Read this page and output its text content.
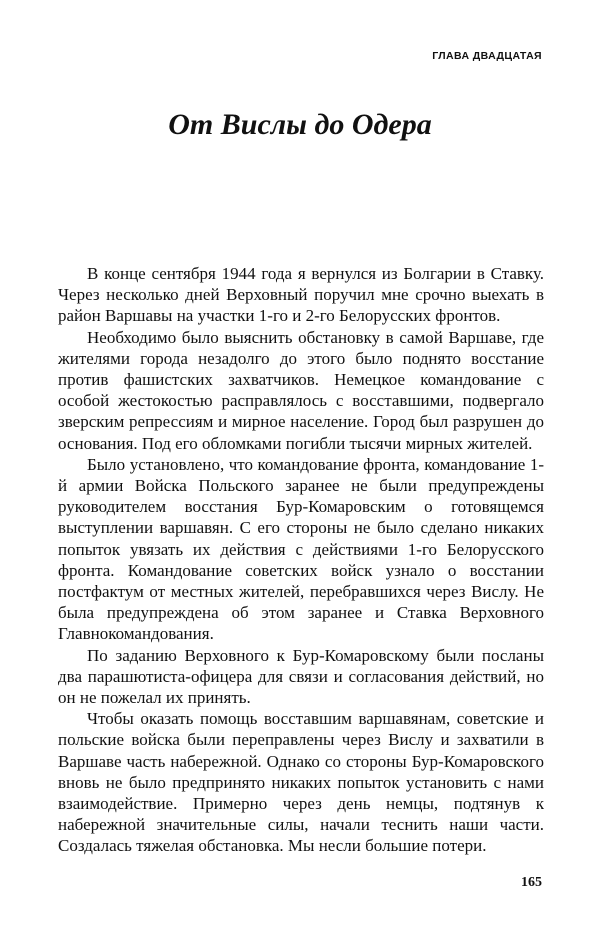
ГЛАВА ДВАДЦАТАЯ
От Вислы до Одера

В конце сентября 1944 года я вернулся из Болгарии в Ставку. Через несколько дней Верховный поручил мне срочно выехать в район Варшавы на участки 1-го и 2-го Белорусских фронтов.

Необходимо было выяснить обстановку в самой Варшаве, где жителями города незадолго до этого было поднято восстание против фашистских захватчиков. Немецкое командование с особой жестокостью расправлялось с восставшими, подвергало зверским репрессиям и мирное население. Город был разрушен до основания. Под его обломками погибли тысячи мирных жителей.

Было установлено, что командование фронта, командование 1-й армии Войска Польского заранее не были предупреждены руководителем восстания Бур-Комаровским о готовящемся выступлении варшавян. С его стороны не было сделано никаких попыток увязать их действия с действиями 1-го Белорусского фронта. Командование советских войск узнало о восстании постфактум от местных жителей, перебравшихся через Вислу. Не была предупреждена об этом заранее и Ставка Верховного Главнокомандования.

По заданию Верховного к Бур-Комаровскому были посланы два парашютиста-офицера для связи и согласования действий, но он не пожелал их принять.

Чтобы оказать помощь восставшим варшавянам, советские и польские войска были переправлены через Вислу и захватили в Варшаве часть набережной. Однако со стороны Бур-Комаровского вновь не было предпринято никаких попыток установить с нами взаимодействие. Примерно через день немцы, подтянув к набережной значительные силы, начали теснить наши части. Создалась тяжелая обстановка. Мы несли большие потери.

165
